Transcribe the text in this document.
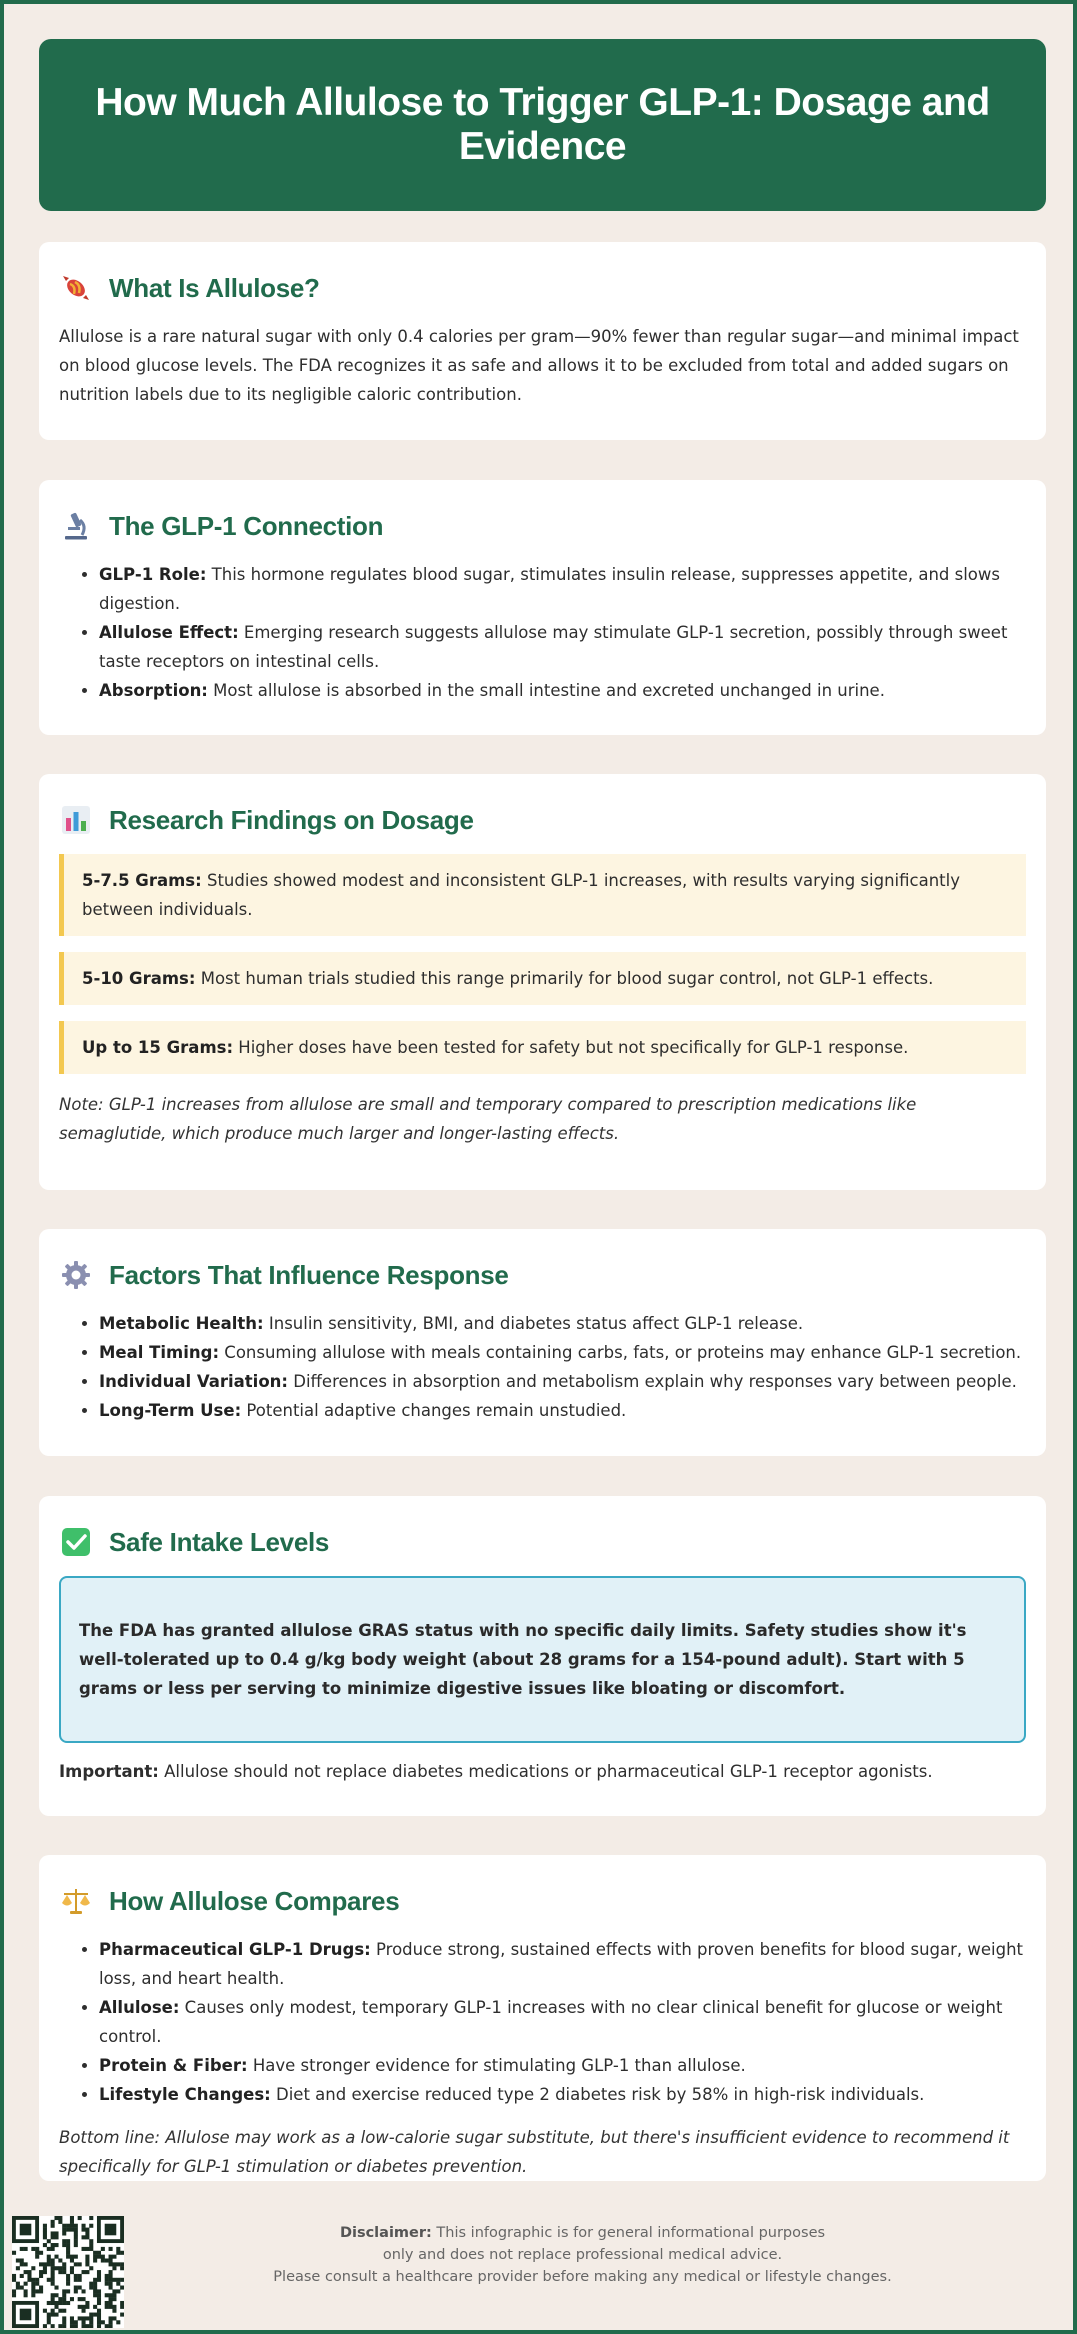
How Much Allulose to Trigger GLP-1: Dosage and Evidence
What Is Allulose?

Allulose is a rare natural sugar with only 0.4 calories per gram—90% fewer than regular sugar—and minimal impact on blood glucose levels. The FDA recognizes it as safe and allows it to be excluded from total and added sugars on nutrition labels due to its negligible caloric contribution.

The GLP-1 Connection
• GLP-1 Role: This hormone regulates blood sugar, stimulates insulin release, suppresses appetite, and slows digestion.
• Allulose Effect: Emerging research suggests allulose may stimulate GLP-1 secretion, possibly through sweet taste receptors on intestinal cells.
• Absorption: Most allulose is absorbed in the small intestine and excreted unchanged in urine.
Research Findings on Dosage
5-7.5 Grams: Studies showed modest and inconsistent GLP-1 increases, with results varying significantly between individuals.
5-10 Grams: Most human trials studied this range primarily for blood sugar control, not GLP-1 effects.
Up to 15 Grams: Higher doses have been tested for safety but not specifically for GLP-1 response.

Note: GLP-1 increases from allulose are small and temporary compared to prescription medications like semaglutide, which produce much larger and longer-lasting effects.

Factors That Influence Response
• Metabolic Health: Insulin sensitivity, BMI, and diabetes status affect GLP-1 release.
• Meal Timing: Consuming allulose with meals containing carbs, fats, or proteins may enhance GLP-1 secretion.
• Individual Variation: Differences in absorption and metabolism explain why responses vary between people.
• Long-Term Use: Potential adaptive changes remain unstudied.
Safe Intake Levels
The FDA has granted allulose GRAS status with no specific daily limits. Safety studies show it's well-tolerated up to 0.4 g/kg body weight (about 28 grams for a 154-pound adult). Start with 5 grams or less per serving to minimize digestive issues like bloating or discomfort.

Important: Allulose should not replace diabetes medications or pharmaceutical GLP-1 receptor agonists.

How Allulose Compares
• Pharmaceutical GLP-1 Drugs: Produce strong, sustained effects with proven benefits for blood sugar, weight loss, and heart health.
• Allulose: Causes only modest, temporary GLP-1 increases with no clear clinical benefit for glucose or weight control.
• Protein & Fiber: Have stronger evidence for stimulating GLP-1 than allulose.
• Lifestyle Changes: Diet and exercise reduced type 2 diabetes risk by 58% in high-risk individuals.

Bottom line: Allulose may work as a low-calorie sugar substitute, but there's insufficient evidence to recommend it specifically for GLP-1 stimulation or diabetes prevention.

Disclaimer: This infographic is for general informational purposes
only and does not replace professional medical advice.
Please consult a healthcare provider before making any medical or lifestyle changes.
